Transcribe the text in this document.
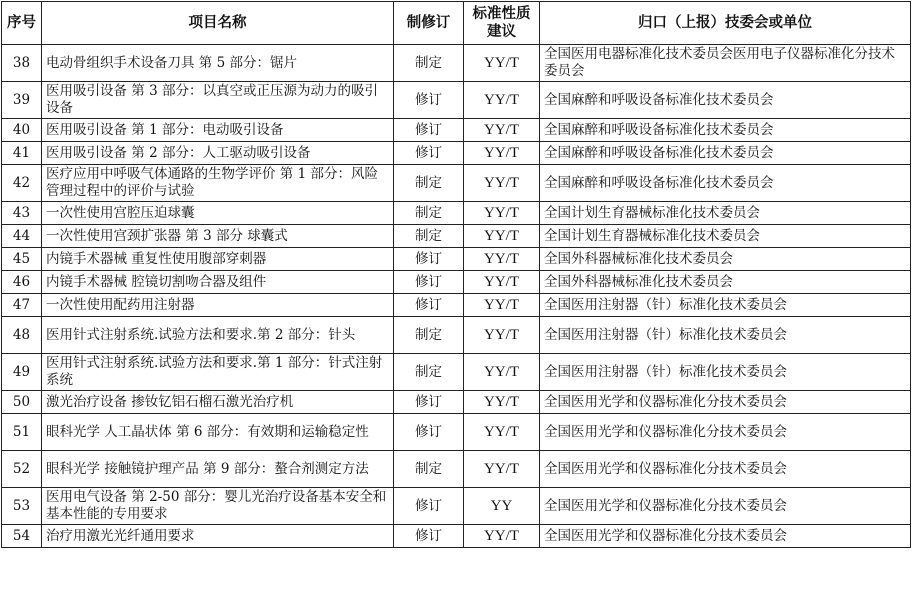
序号	项目名称	制修订	标准性质建议	归口（上报）技委会或单位
38	电动骨组织手术设备刀具 第 5 部分：锯片	制定	YY/T	全国医用电器标准化技术委员会医用电子仪器标准化分技术委员会
39	医用吸引设备 第 3 部分：以真空或正压源为动力的吸引设备	修订	YY/T	全国麻醉和呼吸设备标准化技术委员会
40	医用吸引设备 第 1 部分：电动吸引设备	修订	YY/T	全国麻醉和呼吸设备标准化技术委员会
41	医用吸引设备 第 2 部分：人工驱动吸引设备	修订	YY/T	全国麻醉和呼吸设备标准化技术委员会
42	医疗应用中呼吸气体通路的生物学评价 第 1 部分：风险管理过程中的评价与试验	制定	YY/T	全国麻醉和呼吸设备标准化技术委员会
43	一次性使用宫腔压迫球囊	制定	YY/T	全国计划生育器械标准化技术委员会
44	一次性使用宫颈扩张器 第 3 部分 球囊式	制定	YY/T	全国计划生育器械标准化技术委员会
45	内镜手术器械 重复性使用腹部穿刺器	修订	YY/T	全国外科器械标准化技术委员会
46	内镜手术器械 腔镜切割吻合器及组件	修订	YY/T	全国外科器械标准化技术委员会
47	一次性使用配药用注射器	修订	YY/T	全国医用注射器（针）标准化技术委员会
48	医用针式注射系统.试验方法和要求.第 2 部分：针头	制定	YY/T	全国医用注射器（针）标准化技术委员会
49	医用针式注射系统.试验方法和要求.第 1 部分：针式注射系统	制定	YY/T	全国医用注射器（针）标准化技术委员会
50	激光治疗设备 掺钕钇铝石榴石激光治疗机	修订	YY/T	全国医用光学和仪器标准化分技术委员会
51	眼科光学 人工晶状体 第 6 部分：有效期和运输稳定性	修订	YY/T	全国医用光学和仪器标准化分技术委员会
52	眼科光学 接触镜护理产品 第 9 部分：螯合剂测定方法	制定	YY/T	全国医用光学和仪器标准化分技术委员会
53	医用电气设备 第 2-50 部分：婴儿光治疗设备基本安全和基本性能的专用要求	修订	YY	全国医用光学和仪器标准化分技术委员会
54	治疗用激光光纤通用要求	修订	YY/T	全国医用光学和仪器标准化分技术委员会
